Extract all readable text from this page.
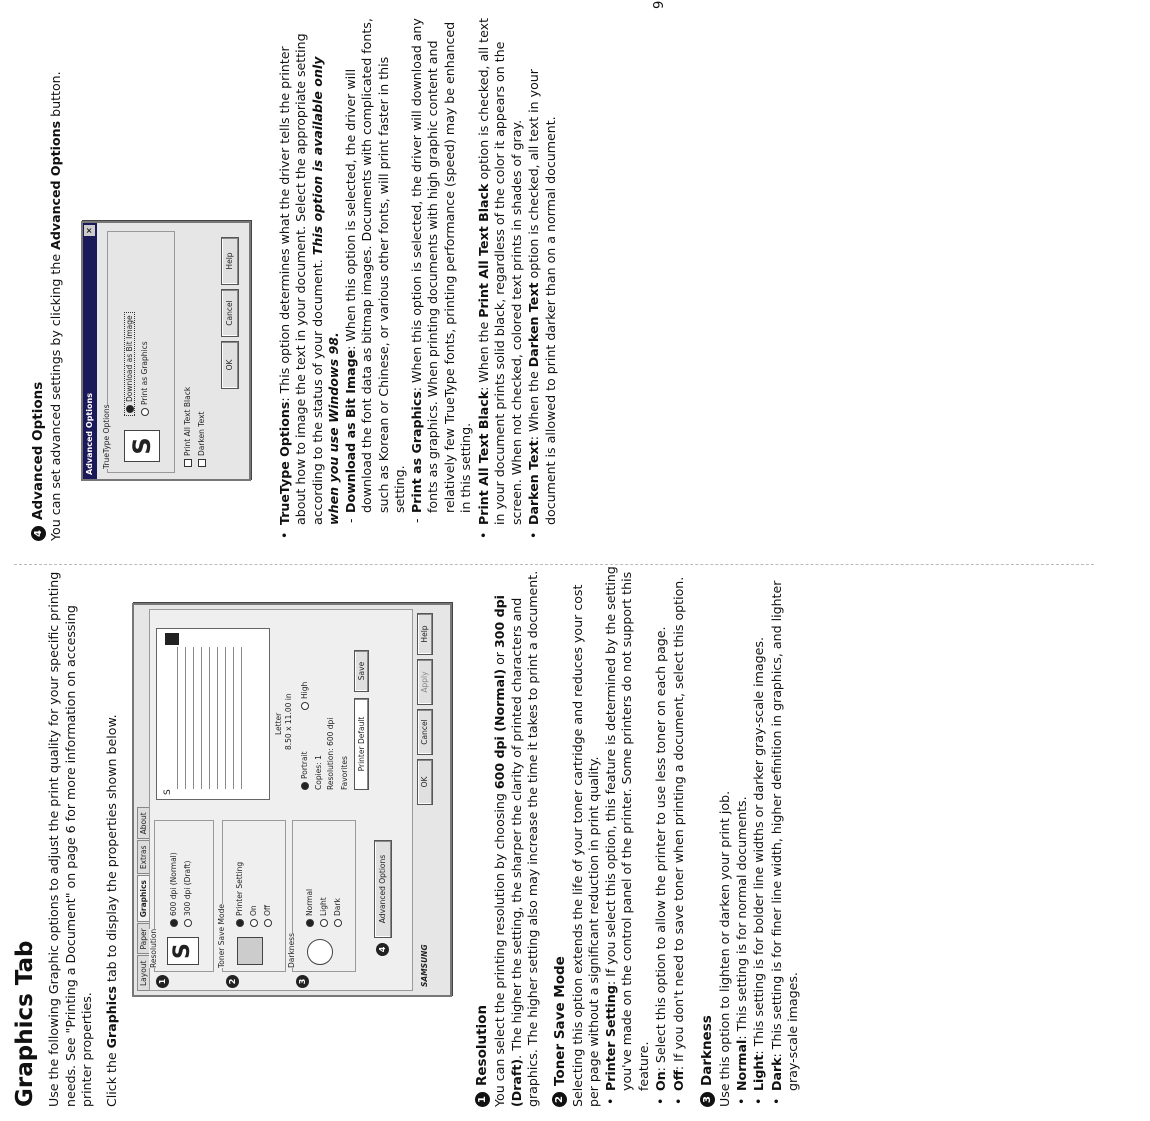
Graphics Tab Use the following Graphic options to adjust the print quality for your specific printing needs. See "Printing a Document" on page 6 for more information on accessing printer properties. Click the Graphics tab to display the properties shown below.	Layout
Paper
Graphics
Extras
About
1
Resolution S
600 dpi (Normal) 300 dpi (Draft)
2
Toner Save Mode
Printer Setting On Off
3
Darkness
Normal Light Dark
4
Advanced Options
S
Letter 8.50 x 11.00 in
Portrait
High
Copies: 1 Resolution: 600 dpi Favorites
Printer Default
Save
SAMSUNG
OK
Cancel
Apply
Help
1
Resolution You can select the printing resolution by choosing 600 dpi (Normal) or 300 dpi (Draft). The higher the setting, the sharper the clarity of printed characters and graphics. The higher setting also may increase the time it takes to print a document. 2
Toner Save Mode Selecting this option extends the life of your toner cartridge and reduces your cost per page without a significant reduction in print quality. • Printer Setting: If you select this option, this feature is determined by the setting you've made on the control panel of the printer. Some printers do not support this feature. • On: Select this option to allow the printer to use less toner on each page.
• Off: If you don't need to save toner when printing a document, select this option.
3
Darkness Use this option to lighten or darken your print job. • Normal: This setting is for normal documents.
• Light: This setting is for bolder line widths or darker gray-scale images.
• Dark: This setting is for finer line width, higher definition in graphics, and lighter gray-scale images.
4
Advanced Options You can set advanced settings by clicking the Advanced Options button.

Advanced Options
✕
TrueType Options S
Download as Bit Image Print as Graphics
Print All Text Black Darken Text
OK
Cancel
Help
• TrueType Options: This option determines what the driver tells the printer about how to image the text in your document. Select the appropriate setting according to the status of your document. This option is available only when you use Windows 98. - Download as Bit Image: When this option is selected, the driver will download the font data as bitmap images. Documents with complicated fonts, such as Korean or Chinese, or various other fonts, will print faster in this setting. - Print as Graphics: When this option is selected, the driver will download any fonts as graphics. When printing documents with high graphic content and relatively few TrueType fonts, printing performance (speed) may be enhanced in this setting. • Print All Text Black: When the Print All Text Black option is checked, all text in your document prints solid black, regardless of the color it appears on the screen. When not checked, colored text prints in shades of gray. • Darken Text: When the Darken Text option is checked, all text in your document is allowed to print darker than on a normal document.
9
